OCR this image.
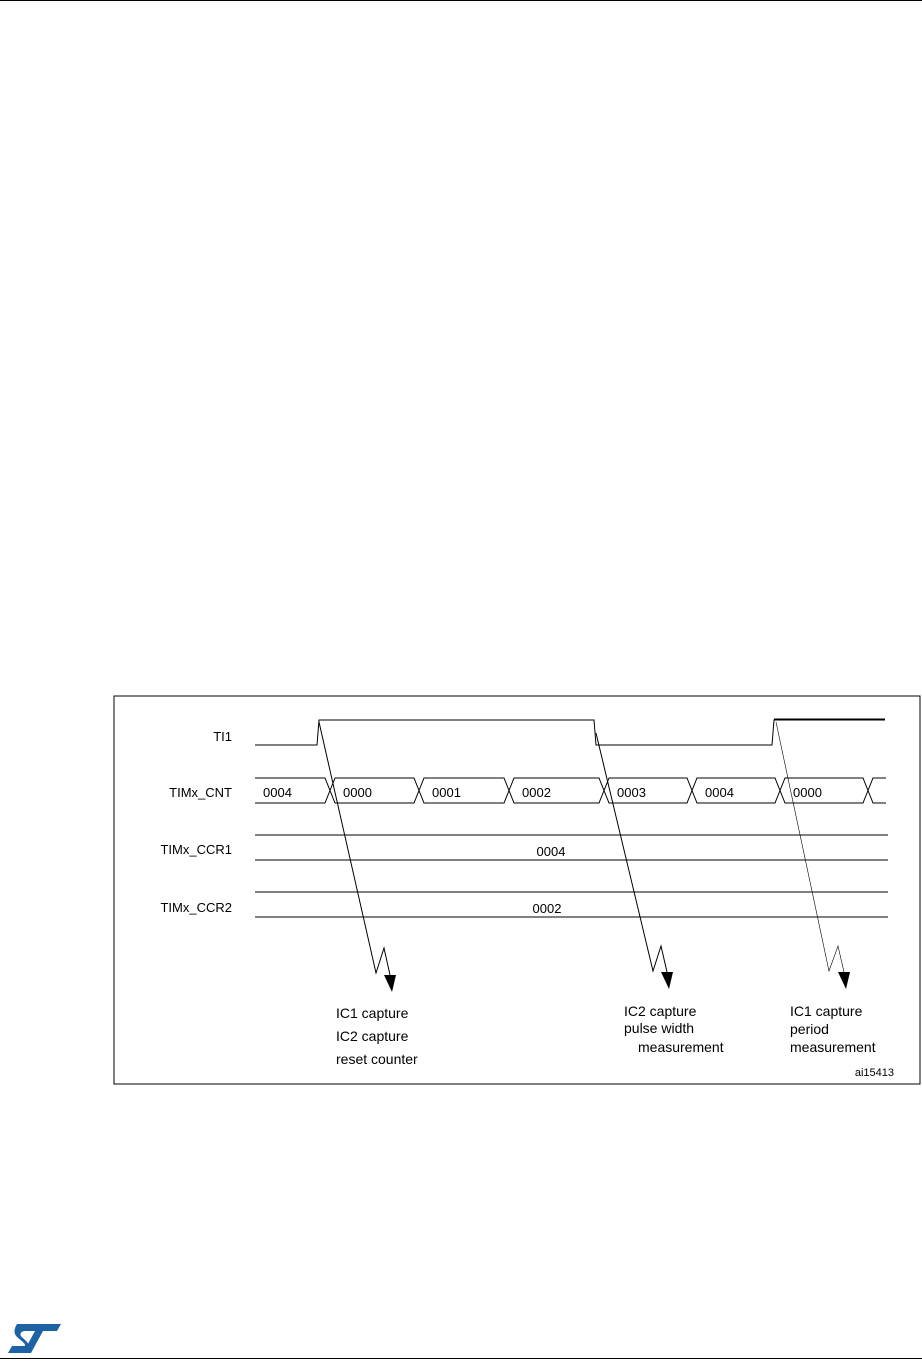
TI1
TIMx_CNT
TIMx_CCR1
TIMx_CCR2
0004	0000	0001	0002	0003	0004	0000
0004
0002
IC1 capture
IC2 capture
reset counter
IC2 capture
pulse width
measurement
IC1 capture
period
measurement
ai15413
